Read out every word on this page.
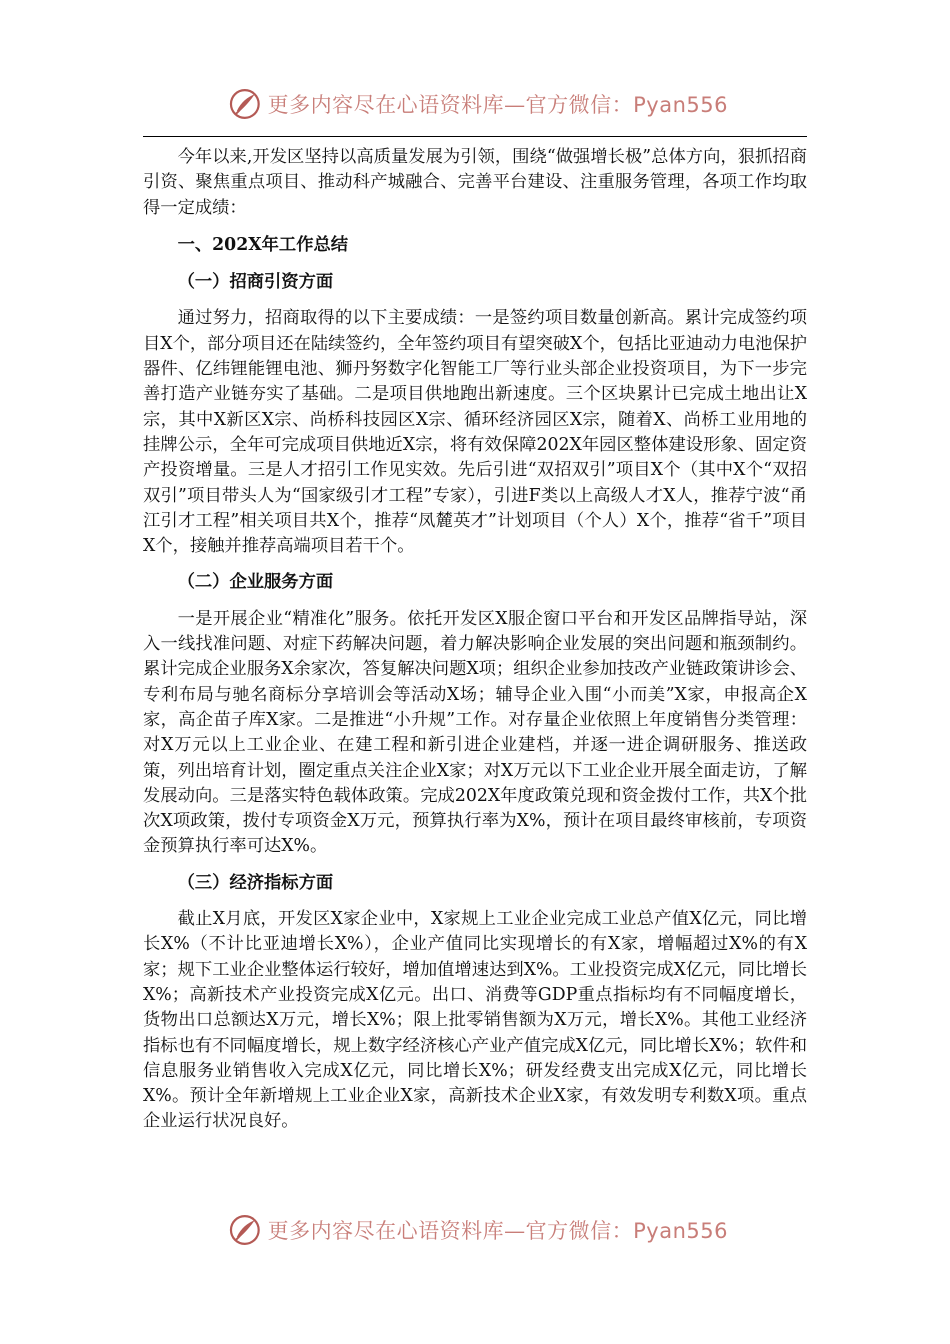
更多内容尽在心语资料库—官方微信：Pyan556

今年以来,开发区坚持以高质量发展为引领，围绕“做强增长极”总体方向，狠抓招商引资、聚焦重点项目、推动科产城融合、完善平台建设、注重服务管理，各项工作均取得一定成绩：

一、202X年工作总结

（一）招商引资方面

通过努力，招商取得的以下主要成绩：一是签约项目数量创新高。累计完成签约项目X个，部分项目还在陆续签约，全年签约项目有望突破X个，包括比亚迪动力电池保护器件、亿纬锂能锂电池、狮丹努数字化智能工厂等行业头部企业投资项目，为下一步完善打造产业链夯实了基础。二是项目供地跑出新速度。三个区块累计已完成土地出让X宗，其中X新区X宗、尚桥科技园区X宗、循环经济园区X宗，随着X、尚桥工业用地的挂牌公示，全年可完成项目供地近X宗，将有效保障202X年园区整体建设形象、固定资产投资增量。三是人才招引工作见实效。先后引进“双招双引”项目X个（其中X个“双招双引”项目带头人为“国家级引才工程”专家），引进F类以上高级人才X人，推荐宁波“甬江引才工程”相关项目共X个，推荐“凤麓英才”计划项目（个人）X个，推荐“省千”项目X个，接触并推荐高端项目若干个。

（二）企业服务方面

一是开展企业“精准化”服务。依托开发区X服企窗口平台和开发区品牌指导站，深入一线找准问题、对症下药解决问题，着力解决影响企业发展的突出问题和瓶颈制约。累计完成企业服务X余家次，答复解决问题X项；组织企业参加技改产业链政策讲诊会、专利布局与驰名商标分享培训会等活动X场；辅导企业入围“小而美”X家，申报高企X家，高企苗子库X家。二是推进“小升规”工作。对存量企业依照上年度销售分类管理：对X万元以上工业企业、在建工程和新引进企业建档，并逐一进企调研服务、推送政策，列出培育计划，圈定重点关注企业X家；对X万元以下工业企业开展全面走访，了解发展动向。三是落实特色载体政策。完成202X年度政策兑现和资金拨付工作，共X个批次X项政策，拨付专项资金X万元，预算执行率为X%，预计在项目最终审核前，专项资金预算执行率可达X%。

（三）经济指标方面

截止X月底，开发区X家企业中，X家规上工业企业完成工业总产值X亿元，同比增长X%（不计比亚迪增长X%），企业产值同比实现增长的有X家，增幅超过X%的有X家；规下工业企业整体运行较好，增加值增速达到X%。工业投资完成X亿元，同比增长X%；高新技术产业投资完成X亿元。出口、消费等GDP重点指标均有不同幅度增长，货物出口总额达X万元，增长X%；限上批零销售额为X万元，增长X%。其他工业经济指标也有不同幅度增长，规上数字经济核心产业产值完成X亿元，同比增长X%；软件和信息服务业销售收入完成X亿元，同比增长X%；研发经费支出完成X亿元，同比增长X%。预计全年新增规上工业企业X家，高新技术企业X家，有效发明专利数X项。重点企业运行状况良好。

更多内容尽在心语资料库—官方微信：Pyan556
